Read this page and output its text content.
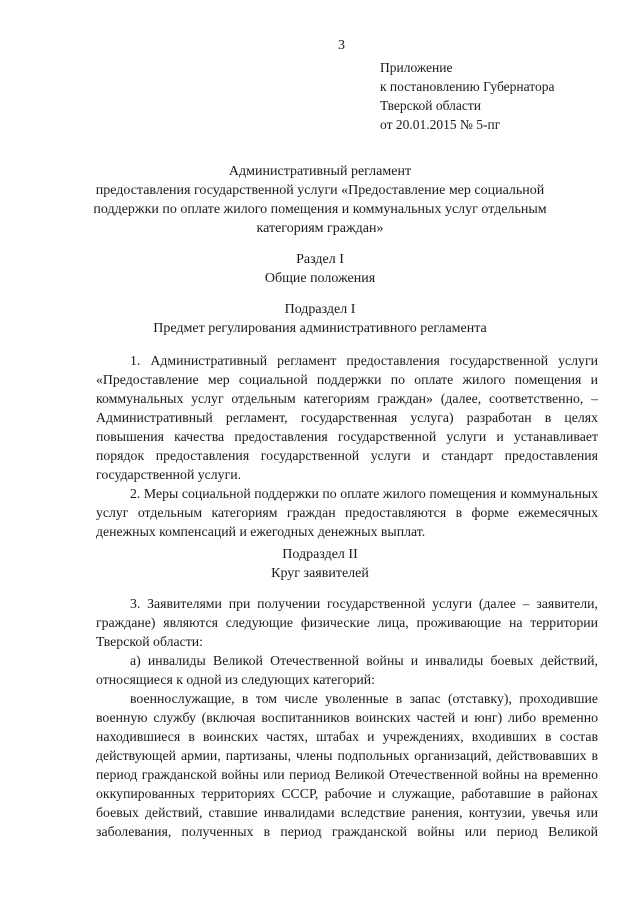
3
Приложение
к постановлению Губернатора
Тверской области
от 20.01.2015 № 5-пг
Административный регламент
предоставления государственной услуги «Предоставление мер социальной
поддержки по оплате жилого помещения и коммунальных услуг отдельным
категориям граждан»
Раздел I
Общие положения
Подраздел I
Предмет регулирования административного регламента

1. Административный регламент предоставления государственной услуги «Предоставление мер социальной поддержки по оплате жилого помещения и коммунальных услуг отдельным категориям граждан» (далее, соответственно, – Административный регламент, государственная услуга) разработан в целях повышения качества предоставления государственной услуги и устанавливает порядок предоставления государственной услуги и стандарт предоставления государственной услуги.

2. Меры социальной поддержки по оплате жилого помещения и коммунальных услуг отдельным категориям граждан предоставляются в форме ежемесячных денежных компенсаций и ежегодных денежных выплат.

Подраздел II
Круг заявителей

3. Заявителями при получении государственной услуги (далее – заявители, граждане) являются следующие физические лица, проживающие на территории Тверской области:

а) инвалиды Великой Отечественной войны и инвалиды боевых действий, относящиеся к одной из следующих категорий:

военнослужащие, в том числе уволенные в запас (отставку), проходившие военную службу (включая воспитанников воинских частей и юнг) либо временно находившиеся в воинских частях, штабах и учреждениях, входивших в состав действующей армии, партизаны, члены подпольных организаций, действовавших в период гражданской войны или период Великой Отечественной войны на временно оккупированных территориях СССР, рабочие и служащие, работавшие в районах боевых действий, ставшие инвалидами вследствие ранения, контузии, увечья или заболевания, полученных в период гражданской войны или период Великой
